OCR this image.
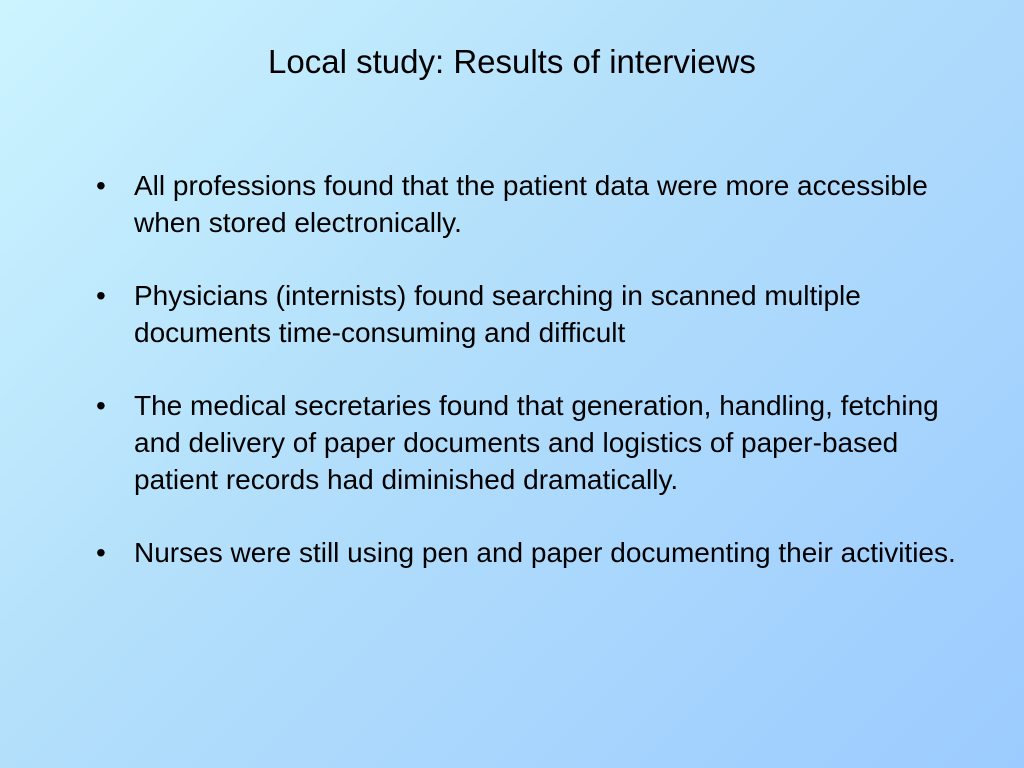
Local study: Results of interviews
•	All professions found that the patient data were more accessible when stored electronically.
•	Physicians (internists) found searching in scanned multiple documents time-consuming and difficult
•	The medical secretaries found that generation, handling, fetching and delivery of paper documents and logistics of paper-based patient records had diminished dramatically.
•	Nurses were still using pen and paper documenting their activities.
